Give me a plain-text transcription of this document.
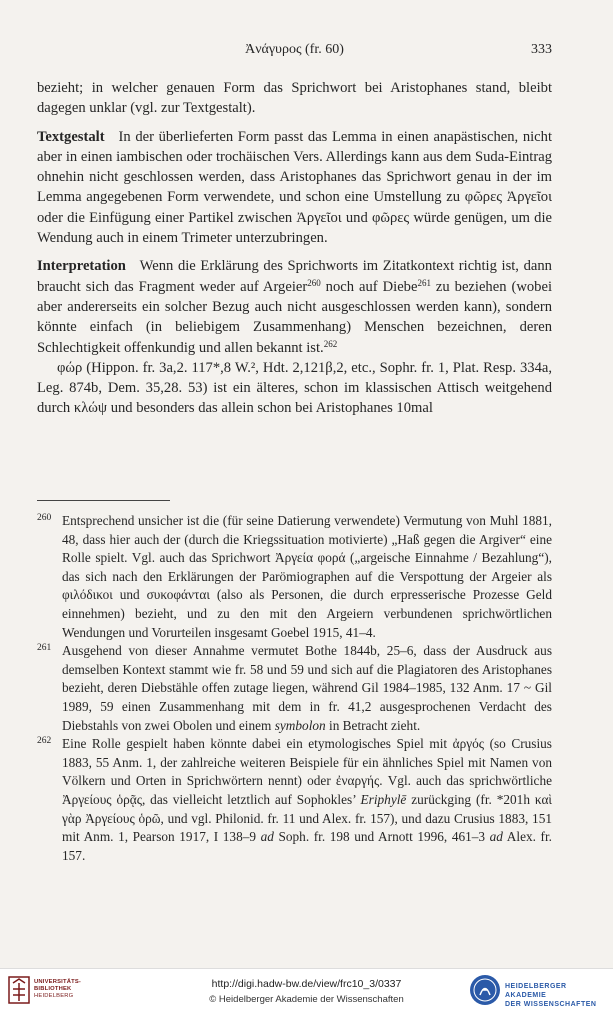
Ἀνάγυρος (fr. 60)	333

bezieht; in welcher genauen Form das Sprichwort bei Aristophanes stand, bleibt dagegen unklar (vgl. zur Textgestalt).

Textgestalt In der überlieferten Form passt das Lemma in einen anapästischen, nicht aber in einen iambischen oder trochäischen Vers. Allerdings kann aus dem Suda-Eintrag ohnehin nicht geschlossen werden, dass Aristophanes das Sprichwort genau in der im Lemma angegebenen Form verwendete, und schon eine Umstellung zu φῶρες Ἀργεῖοι oder die Einfügung einer Partikel zwischen Ἀργεῖοι und φῶρες würde genügen, um die Wendung auch in einem Trimeter unterzubringen.

Interpretation Wenn die Erklärung des Sprichworts im Zitatkontext richtig ist, dann braucht sich das Fragment weder auf Argeier$^{260}$ noch auf Diebe$^{261}$ zu beziehen (wobei aber andererseits ein solcher Bezug auch nicht ausgeschlossen werden kann), sondern könnte einfach (in beliebigem Zusammenhang) Menschen bezeichnen, deren Schlechtigkeit offenkundig und allen bekannt ist.$^{262}$

φώρ (Hippon. fr. 3a,2. 117*,8 W.², Hdt. 2,121β,2, etc., Sophr. fr. 1, Plat. Resp. 334a, Leg. 874b, Dem. 35,28. 53) ist ein älteres, schon im klassischen Attisch weitgehend durch κλώψ und besonders das allein schon bei Aristophanes 10mal

260 Entsprechend unsicher ist die (für seine Datierung verwendete) Vermutung von Muhl 1881, 48, dass hier auch der (durch die Kriegssituation motivierte) „Haß gegen die Argiver“ eine Rolle spielt. Vgl. auch das Sprichwort Ἀργεία φορά („argeische Einnahme / Bezahlung“), das sich nach den Erklärungen der Parömiographen auf die Verspottung der Argeier als φιλόδικοι und συκοφάνται (also als Personen, die durch erpresserische Prozesse Geld einnehmen) bezieht, und zu den mit den Argeiern verbundenen sprichwörtlichen Wendungen und Vorurteilen insgesamt Goebel 1915, 41–4.

261 Ausgehend von dieser Annahme vermutet Bothe 1844b, 25–6, dass der Ausdruck aus demselben Kontext stammt wie fr. 58 und 59 und sich auf die Plagiatoren des Aristophanes bezieht, deren Diebstähle offen zutage liegen, während Gil 1984–1985, 132 Anm. 17 ~ Gil 1989, 59 einen Zusammenhang mit dem in fr. 41,2 ausgesprochenen Verdacht des Diebstahls von zwei Obolen und einem symbolon in Betracht zieht.

262 Eine Rolle gespielt haben könnte dabei ein etymologisches Spiel mit ἀργός (so Crusius 1883, 55 Anm. 1, der zahlreiche weiteren Beispiele für ein ähnliches Spiel mit Namen von Völkern und Orten in Sprichwörtern nennt) oder ἐναργής. Vgl. auch das sprichwörtliche Ἀργείους ὁρᾷς, das vielleicht letztlich auf Sophokles’ Eriphylē zurückging (fr. *201h καὶ γὰρ Ἀργείους ὁρῶ, und vgl. Philonid. fr. 11 und Alex. fr. 157), und dazu Crusius 1883, 151 mit Anm. 1, Pearson 1917, I 138–9 ad Soph. fr. 198 und Arnott 1996, 461–3 ad Alex. fr. 157.

UNIVERSITÄTS-
BIBLIOTHEK
HEIDELBERG
http://digi.hadw-bw.de/view/frc10_3/0337
© Heidelberger Akademie der Wissenschaften
HEIDELBERGER AKADEMIE
DER WISSENSCHAFTEN
